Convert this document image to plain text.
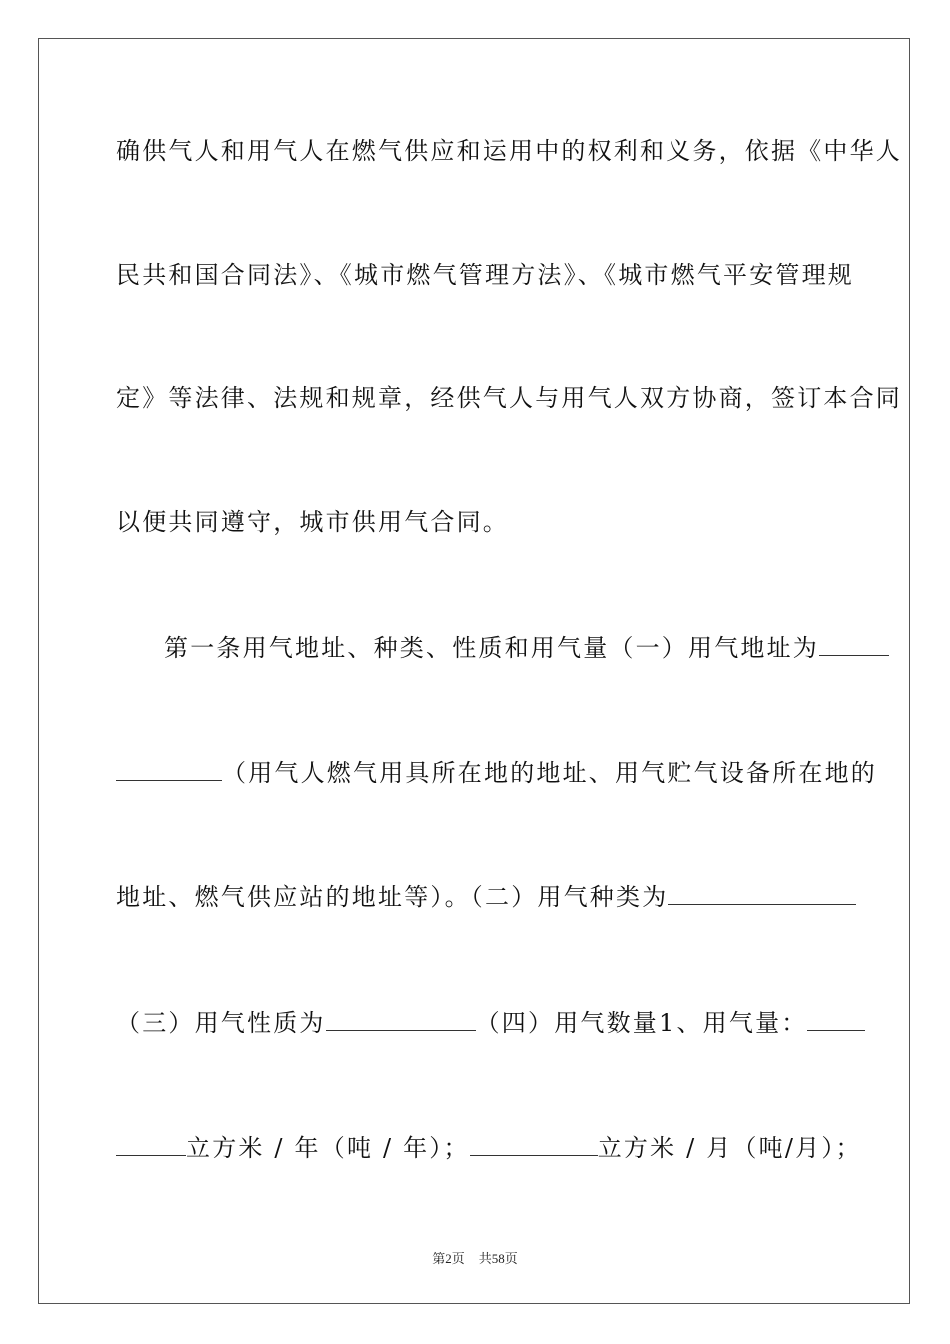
确供气人和用气人在燃气供应和运用中的权利和义务，依据《中华人
民共和国合同法》、《城市燃气管理方法》、《城市燃气平安管理规
定》等法律、法规和规章，经供气人与用气人双方协商，签订本合同
以便共同遵守，城市供用气合同。
第一条用气地址、种类、性质和用气量（一）用气地址为
（用气人燃气用具所在地的地址、用气贮气设备所在地的
地址、燃气供应站的地址等）。（二）用气种类为
（三）用气性质为	（四）用气数量1、用气量：
立方米 / 年（吨 / 年）；	立方米 / 月（吨/月）；
第2页 共58页
